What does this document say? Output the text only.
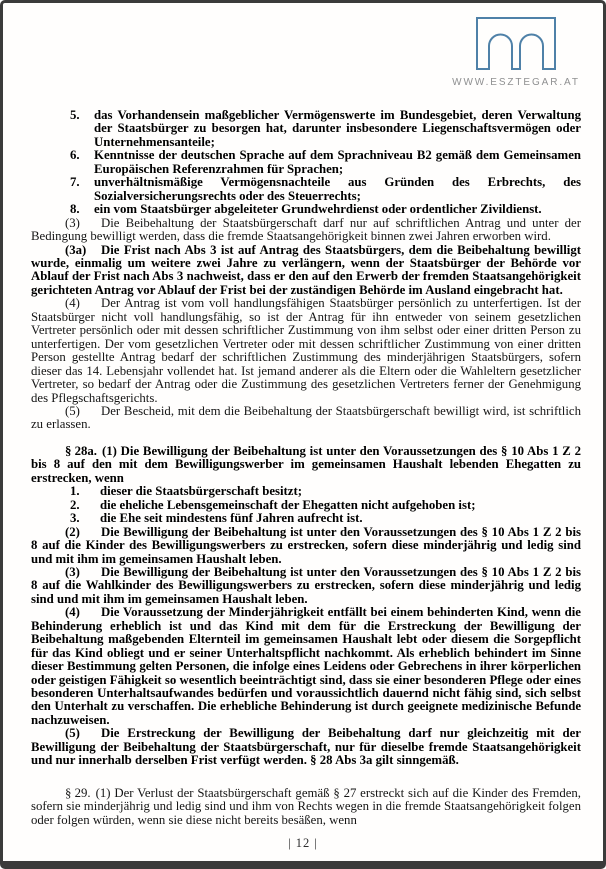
WWW.ESZTEGAR.AT
5.	das Vorhandensein maßgeblicher Vermögenswerte im Bundesgebiet, deren Verwaltung der Staatsbürger zu besorgen hat, darunter insbesondere Liegenschaftsvermögen oder Unternehmensanteile;
6.	Kenntnisse der deutschen Sprache auf dem Sprachniveau B2 gemäß dem Gemeinsamen Europäischen Referenzrahmen für Sprachen;
7.	unverhältnismäßige Vermögensnachteile aus Gründen des Erbrechts, des Sozialversicherungsrechts oder des Steuerrechts;
8.	ein vom Staatsbürger abgeleiteter Grundwehrdienst oder ordentlicher Zivildienst.

(3) Die Beibehaltung der Staatsbürgerschaft darf nur auf schriftlichen Antrag und unter der Bedingung bewilligt werden, dass die fremde Staatsangehörigkeit binnen zwei Jahren erworben wird.

(3a) Die Frist nach Abs 3 ist auf Antrag des Staatsbürgers, dem die Beibehaltung bewilligt wurde, einmalig um weitere zwei Jahre zu verlängern, wenn der Staatsbürger der Behörde vor Ablauf der Frist nach Abs 3 nachweist, dass er den auf den Erwerb der fremden Staatsangehörigkeit gerichteten Antrag vor Ablauf der Frist bei der zuständigen Behörde im Ausland eingebracht hat.

(4) Der Antrag ist vom voll handlungsfähigen Staatsbürger persönlich zu unterfertigen. Ist der Staatsbürger nicht voll handlungsfähig, so ist der Antrag für ihn entweder von seinem gesetzlichen Vertreter persönlich oder mit dessen schriftlicher Zustimmung von ihm selbst oder einer dritten Person zu unterfertigen. Der vom gesetzlichen Vertreter oder mit dessen schriftlicher Zustimmung von einer dritten Person gestellte Antrag bedarf der schriftlichen Zustimmung des minderjährigen Staatsbürgers, sofern dieser das 14. Lebensjahr vollendet hat. Ist jemand anderer als die Eltern oder die Wahleltern gesetzlicher Vertreter, so bedarf der Antrag oder die Zustimmung des gesetzlichen Vertreters ferner der Genehmigung des Pflegschaftsgerichts.

(5) Der Bescheid, mit dem die Beibehaltung der Staatsbürgerschaft bewilligt wird, ist schriftlich zu erlassen.

§ 28a. (1) Die Bewilligung der Beibehaltung ist unter den Voraussetzungen des § 10 Abs 1 Z 2 bis 8 auf den mit dem Bewilligungswerber im gemeinsamen Haushalt lebenden Ehegatten zu erstrecken, wenn

1.	dieser die Staatsbürgerschaft besitzt;
2.	die eheliche Lebensgemeinschaft der Ehegatten nicht aufgehoben ist;
3.	die Ehe seit mindestens fünf Jahren aufrecht ist.

(2) Die Bewilligung der Beibehaltung ist unter den Voraussetzungen des § 10 Abs 1 Z 2 bis 8 auf die Kinder des Bewilligungswerbers zu erstrecken, sofern diese minderjährig und ledig sind und mit ihm im gemeinsamen Haushalt leben.

(3) Die Bewilligung der Beibehaltung ist unter den Voraussetzungen des § 10 Abs 1 Z 2 bis 8 auf die Wahlkinder des Bewilligungswerbers zu erstrecken, sofern diese minderjährig und ledig sind und mit ihm im gemeinsamen Haushalt leben.

(4) Die Voraussetzung der Minderjährigkeit entfällt bei einem behinderten Kind, wenn die Behinderung erheblich ist und das Kind mit dem für die Erstreckung der Bewilligung der Beibehaltung maßgebenden Elternteil im gemeinsamen Haushalt lebt oder diesem die Sorgepflicht für das Kind obliegt und er seiner Unterhaltspflicht nachkommt. Als erheblich behindert im Sinne dieser Bestimmung gelten Personen, die infolge eines Leidens oder Gebrechens in ihrer körperlichen oder geistigen Fähigkeit so wesentlich beeinträchtigt sind, dass sie einer besonderen Pflege oder eines besonderen Unterhaltsaufwandes bedürfen und voraussichtlich dauernd nicht fähig sind, sich selbst den Unterhalt zu verschaffen. Die erhebliche Behinderung ist durch geeignete medizinische Befunde nachzuweisen.

(5) Die Erstreckung der Bewilligung der Beibehaltung darf nur gleichzeitig mit der Bewilligung der Beibehaltung der Staatsbürgerschaft, nur für dieselbe fremde Staatsangehörigkeit und nur innerhalb derselben Frist verfügt werden. § 28 Abs 3a gilt sinngemäß.

§ 29. (1) Der Verlust der Staatsbürgerschaft gemäß § 27 erstreckt sich auf die Kinder des Fremden, sofern sie minderjährig und ledig sind und ihm von Rechts wegen in die fremde Staatsangehörigkeit folgen oder folgen würden, wenn sie diese nicht bereits besäßen, wenn

| 12 |
